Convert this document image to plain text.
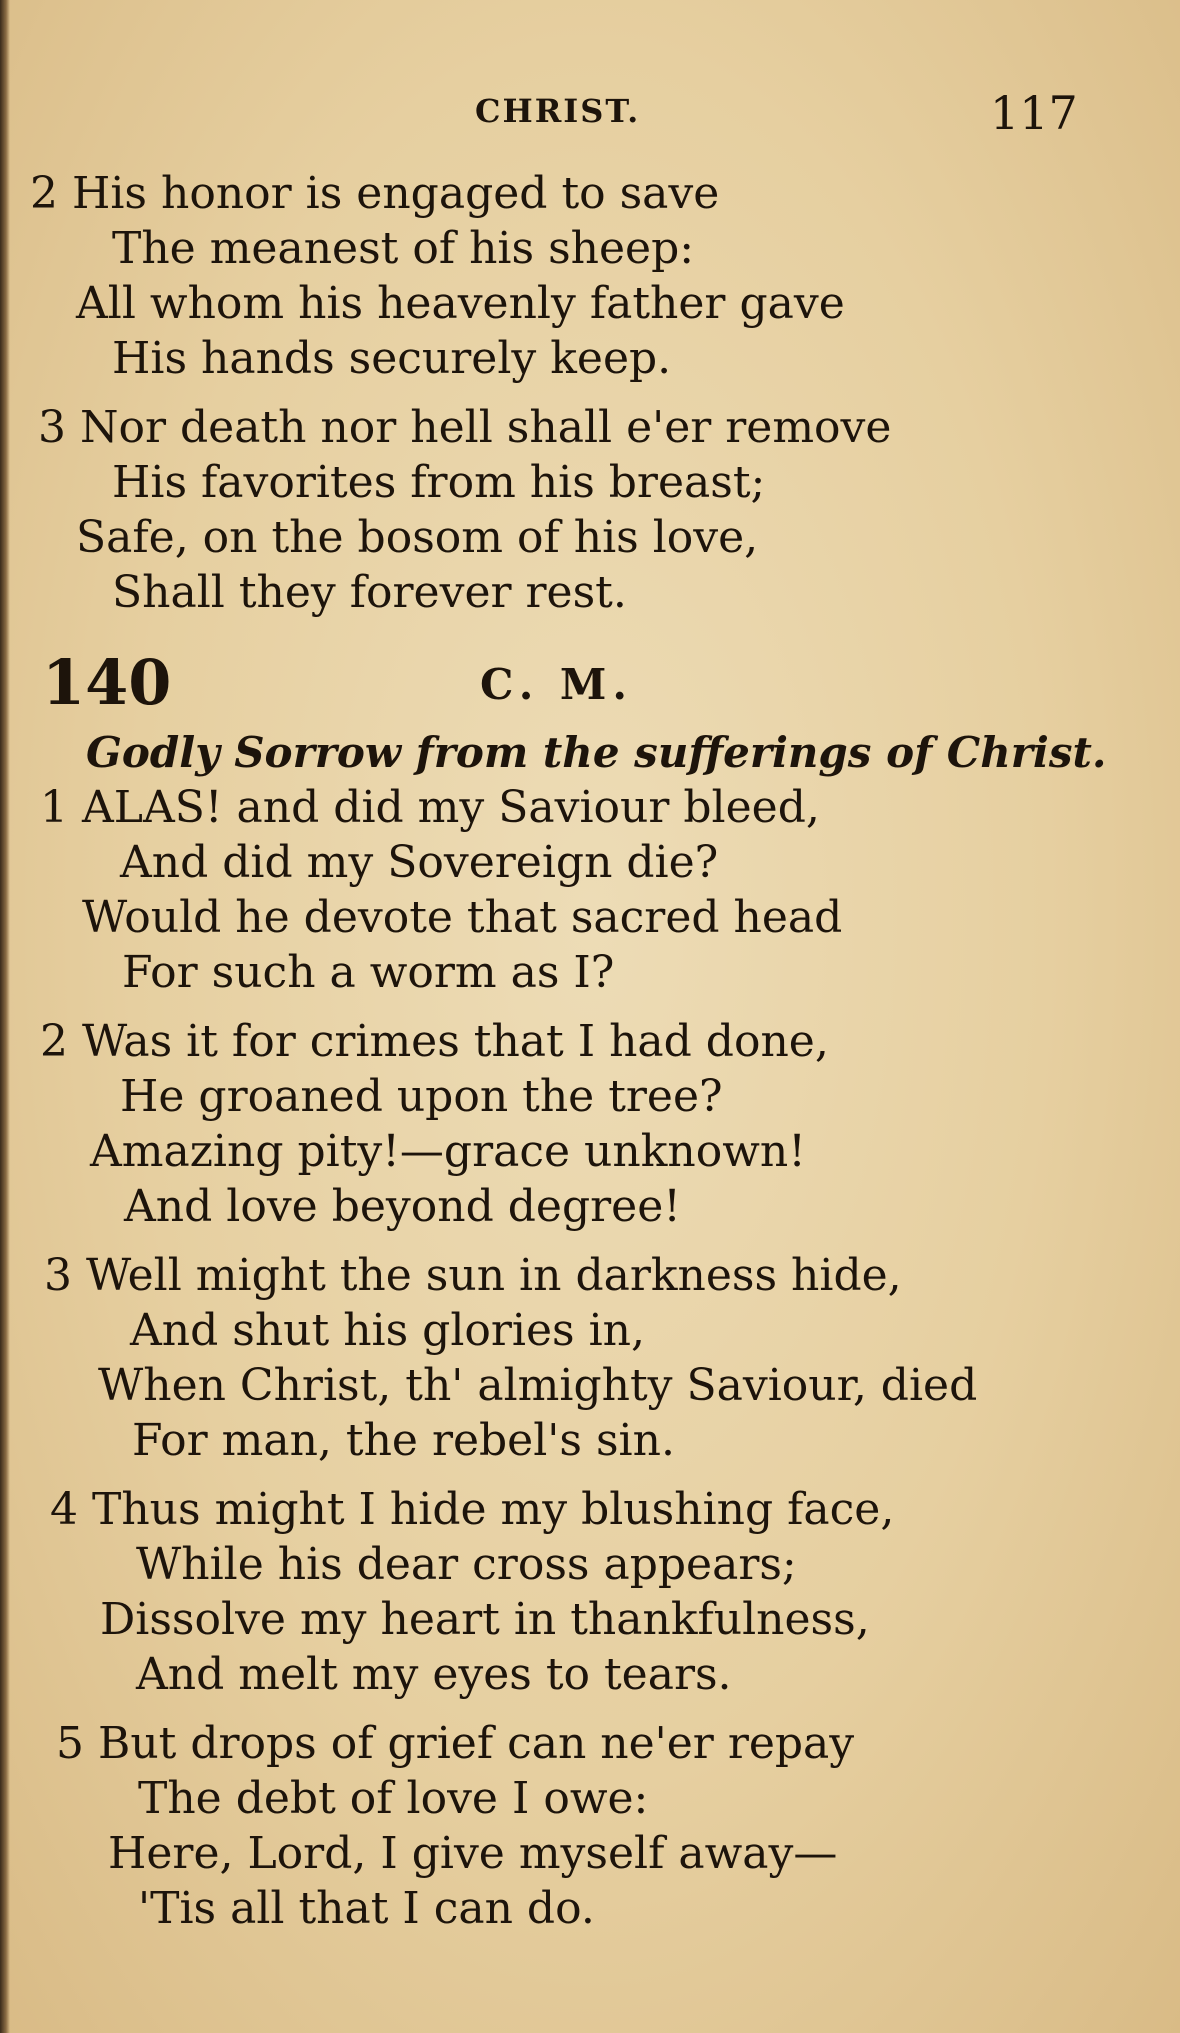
CHRIST.	117
2 His honor is engaged to save
The meanest of his sheep:
All whom his heavenly father gave
His hands securely keep.
3 Nor death nor hell shall e'er remove
His favorites from his breast;
Safe, on the bosom of his love,
Shall they forever rest.
140	C. M.
Godly Sorrow from the sufferings of Christ.
1 ALAS! and did my Saviour bleed,
And did my Sovereign die?
Would he devote that sacred head
For such a worm as I?
2 Was it for crimes that I had done,
He groaned upon the tree?
Amazing pity!—grace unknown!
And love beyond degree!
3 Well might the sun in darkness hide,
And shut his glories in,
When Christ, th' almighty Saviour, died
For man, the rebel's sin.
4 Thus might I hide my blushing face,
While his dear cross appears;
Dissolve my heart in thankfulness,
And melt my eyes to tears.
5 But drops of grief can ne'er repay
The debt of love I owe:
Here, Lord, I give myself away—
'Tis all that I can do.
